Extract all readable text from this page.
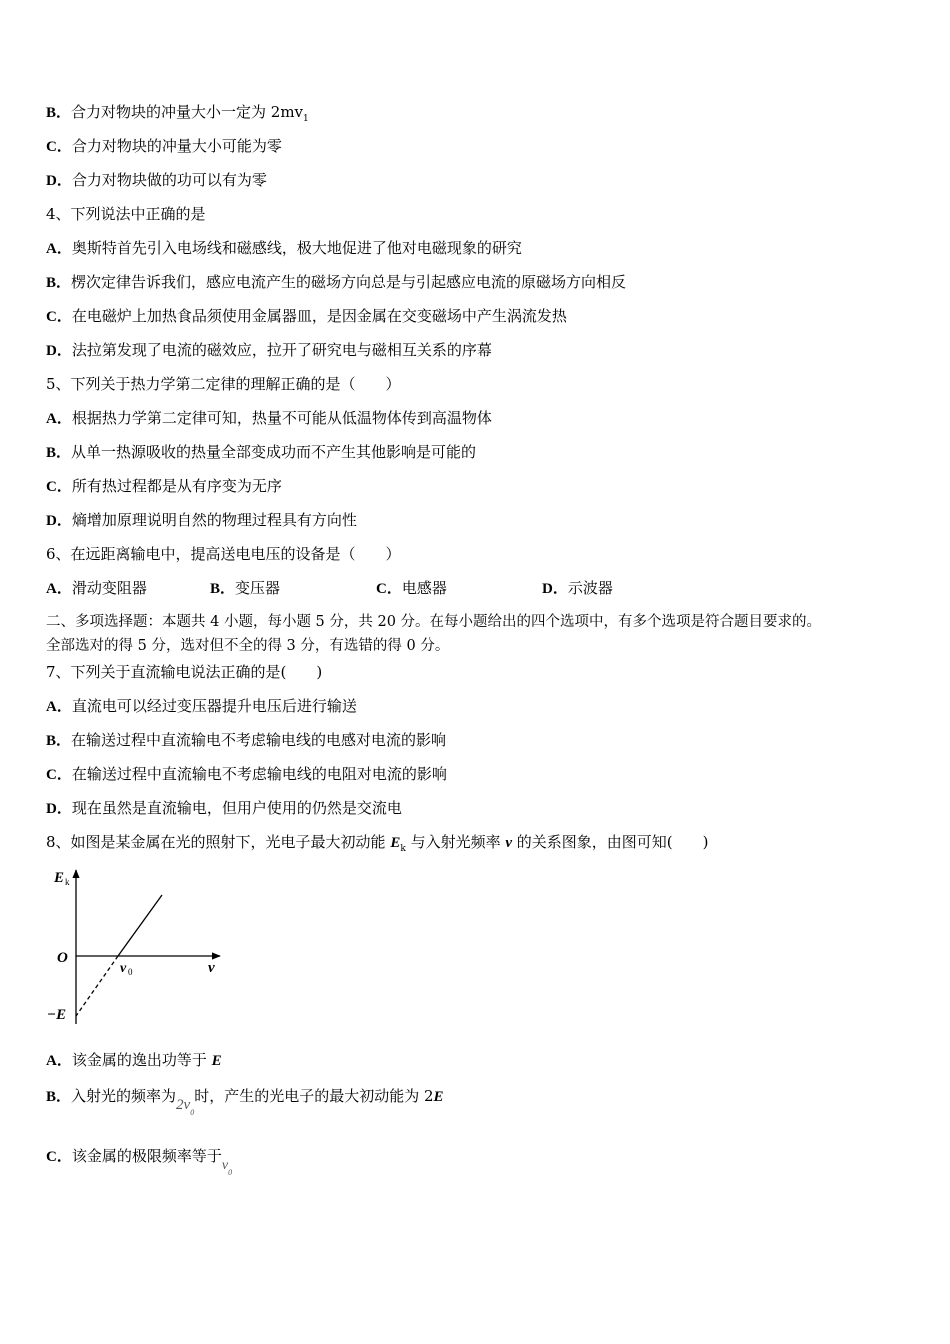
B．合力对物块的冲量大小一定为 $2mv_1$
C．合力对物块的冲量大小可能为零
D．合力对物块做的功可以有为零
4、下列说法中正确的是
A．奥斯特首先引入电场线和磁感线，极大地促进了他对电磁现象的研究
B．楞次定律告诉我们，感应电流产生的磁场方向总是与引起感应电流的原磁场方向相反
C．在电磁炉上加热食品须使用金属器皿，是因金属在交变磁场中产生涡流发热
D．法拉第发现了电流的磁效应，拉开了研究电与磁相互关系的序幕
5、下列关于热力学第二定律的理解正确的是（　　）
A．根据热力学第二定律可知，热量不可能从低温物体传到高温物体
B．从单一热源吸收的热量全部变成功而不产生其他影响是可能的
C．所有热过程都是从有序变为无序
D．熵增加原理说明自然的物理过程具有方向性
6、在远距离输电中，提高送电电压的设备是（　　）
A．滑动变阻器	B．变压器	C．电感器	D．示波器
二、多项选择题：本题共 4 小题，每小题 5 分，共 20 分。在每小题给出的四个选项中，有多个选项是符合题目要求的。
全部选对的得 5 分，选对但不全的得 3 分，有选错的得 0 分。
7、下列关于直流输电说法正确的是(　　)
A．直流电可以经过变压器提升电压后进行输送
B．在输送过程中直流输电不考虑输电线的电感对电流的影响
C．在输送过程中直流输电不考虑输电线的电阻对电流的影响
D．现在虽然是直流输电，但用户使用的仍然是交流电
8、如图是某金属在光的照射下，光电子最大初动能 $E_k$ 与入射光频率 ν 的关系图象，由图可知(　　)
E k
O
ν
ν 0
−E
A．该金属的逸出功等于 E
B．入射光的频率为$2\nu_0$时，产生的光电子的最大初动能为 2E
C．该金属的极限频率等于$\nu_0$
